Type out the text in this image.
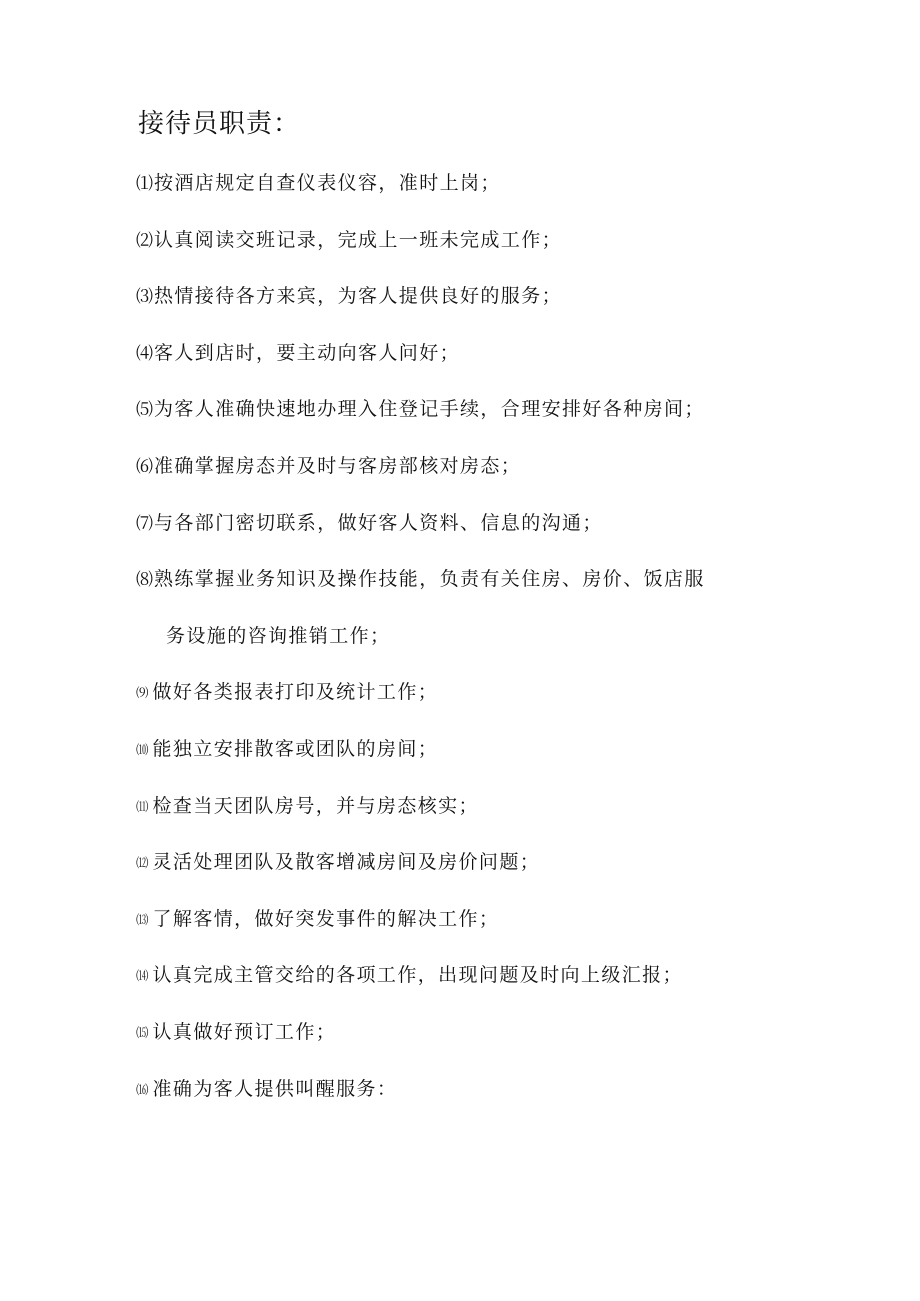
接待员职责：
⑴按酒店规定自查仪表仪容，准时上岗；
⑵认真阅读交班记录，完成上一班未完成工作；
⑶热情接待各方来宾，为客人提供良好的服务；
⑷客人到店时，要主动向客人问好；
⑸为客人准确快速地办理入住登记手续，合理安排好各种房间；
⑹准确掌握房态并及时与客房部核对房态；
⑺与各部门密切联系，做好客人资料、信息的沟通；
⑻熟练掌握业务知识及操作技能，负责有关住房、房价、饭店服
务设施的咨询推销工作；
⑼ 做好各类报表打印及统计工作；
⑽ 能独立安排散客或团队的房间；
⑾ 检查当天团队房号，并与房态核实；
⑿ 灵活处理团队及散客增减房间及房价问题；
⒀ 了解客情，做好突发事件的解决工作；
⒁ 认真完成主管交给的各项工作，出现问题及时向上级汇报；
⒂ 认真做好预订工作；
⒃ 准确为客人提供叫醒服务：
